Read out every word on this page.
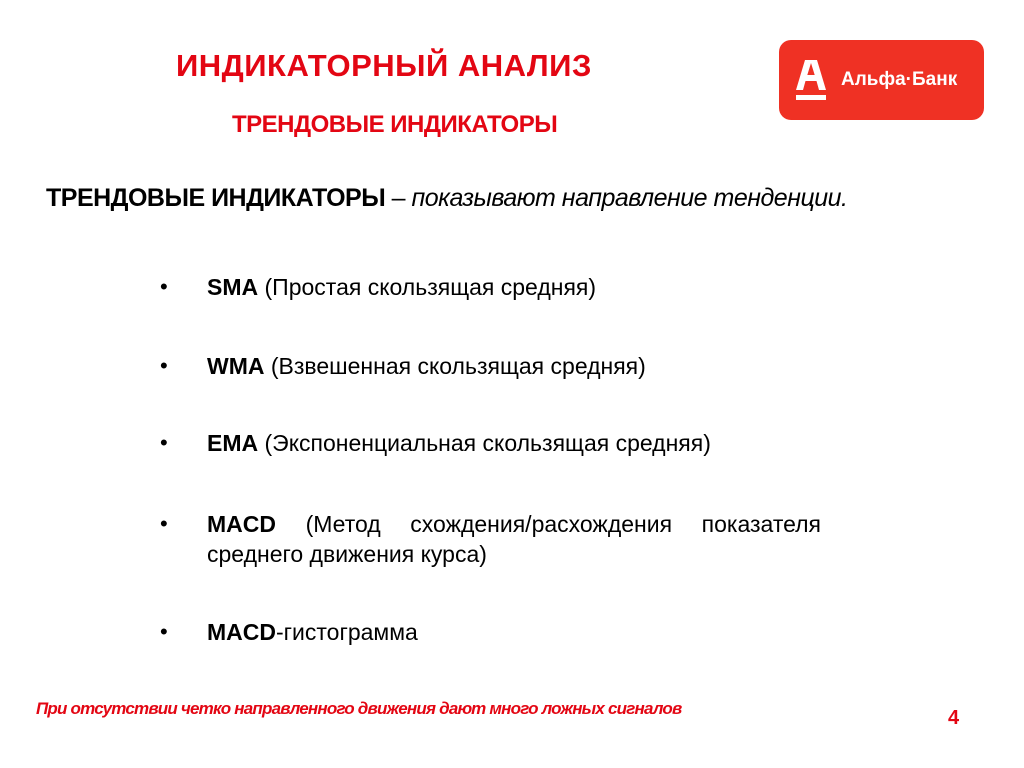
ИНДИКАТОРНЫЙ АНАЛИЗ
ТРЕНДОВЫЕ ИНДИКАТОРЫ
Альфа·Банк
ТРЕНДОВЫЕ ИНДИКАТОРЫ – показывают направление тенденции.
•	SMA (Простая скользящая средняя)
•	WMA (Взвешенная скользящая средняя)
•	EMA (Экспоненциальная скользящая средняя)
•	MACD (Метод схождения/расхождения показателя среднего движения курса)
•	MACD-гистограмма
При отсутствии четко направленного движения дают много ложных сигналов	4
